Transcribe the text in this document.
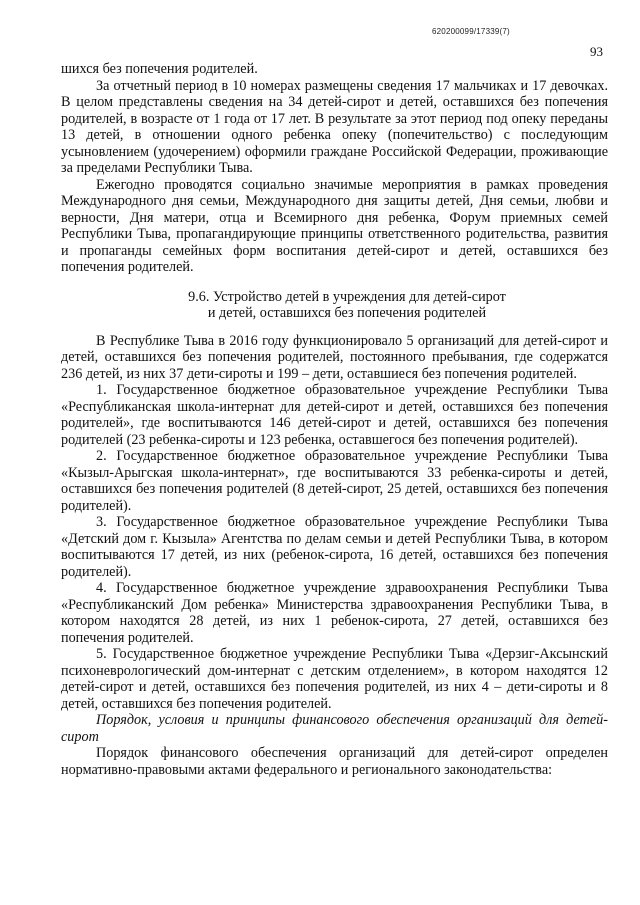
620200099/17339(7)
93

шихся без попечения родителей.

За отчетный период в 10 номерах размещены сведения 17 мальчиках и 17 девочках. В целом представлены сведения на 34 детей-сирот и детей, оставшихся без попечения родителей, в возрасте от 1 года от 17 лет. В результате за этот период под опеку переданы 13 детей, в отношении одного ребенка опеку (попечительство) с последующим усыновлением (удочерением) оформили граждане Российской Федерации, проживающие за пределами Республики Тыва.

Ежегодно проводятся социально значимые мероприятия в рамках проведения Международного дня семьи, Международного дня защиты детей, Дня семьи, любви и верности, Дня матери, отца и Всемирного дня ребенка, Форум приемных семей Республики Тыва, пропагандирующие принципы ответственного родительства, развития и пропаганды семейных форм воспитания детей-сирот и детей, оставшихся без попечения родителей.

9.6. Устройство детей в учреждения для детей-сирот
и детей, оставшихся без попечения родителей

В Республике Тыва в 2016 году функционировало 5 организаций для детей-сирот и детей, оставшихся без попечения родителей, постоянного пребывания, где содержатся 236 детей, из них 37 дети-сироты и 199 – дети, оставшиеся без попечения родителей.

1. Государственное бюджетное образовательное учреждение Республики Тыва «Республиканская школа-интернат для детей-сирот и детей, оставшихся без попечения родителей», где воспитываются 146 детей-сирот и детей, оставшихся без попечения родителей (23 ребенка-сироты и 123 ребенка, оставшегося без попечения родителей).

2. Государственное бюджетное образовательное учреждение Республики Тыва «Кызыл-Арыгская школа-интернат», где воспитываются 33 ребенка-сироты и детей, оставшихся без попечения родителей (8 детей-сирот, 25 детей, оставшихся без попечения родителей).

3. Государственное бюджетное образовательное учреждение Республики Тыва «Детский дом г. Кызыла» Агентства по делам семьи и детей Республики Тыва, в котором воспитываются 17 детей, из них (ребенок-сирота, 16 детей, оставшихся без попечения родителей).

4. Государственное бюджетное учреждение здравоохранения Республики Тыва «Республиканский Дом ребенка» Министерства здравоохранения Республики Тыва, в котором находятся 28 детей, из них 1 ребенок-сирота, 27 детей, оставшихся без попечения родителей.

5. Государственное бюджетное учреждение Республики Тыва «Дерзиг-Аксынский психоневрологический дом-интернат с детским отделением», в котором находятся 12 детей-сирот и детей, оставшихся без попечения родителей, из них 4 – дети-сироты и 8 детей, оставшихся без попечения родителей.

Порядок, условия и принципы финансового обеспечения организаций для детей-сирот

Порядок финансового обеспечения организаций для детей-сирот определен нормативно-правовыми актами федерального и регионального законодательства:
